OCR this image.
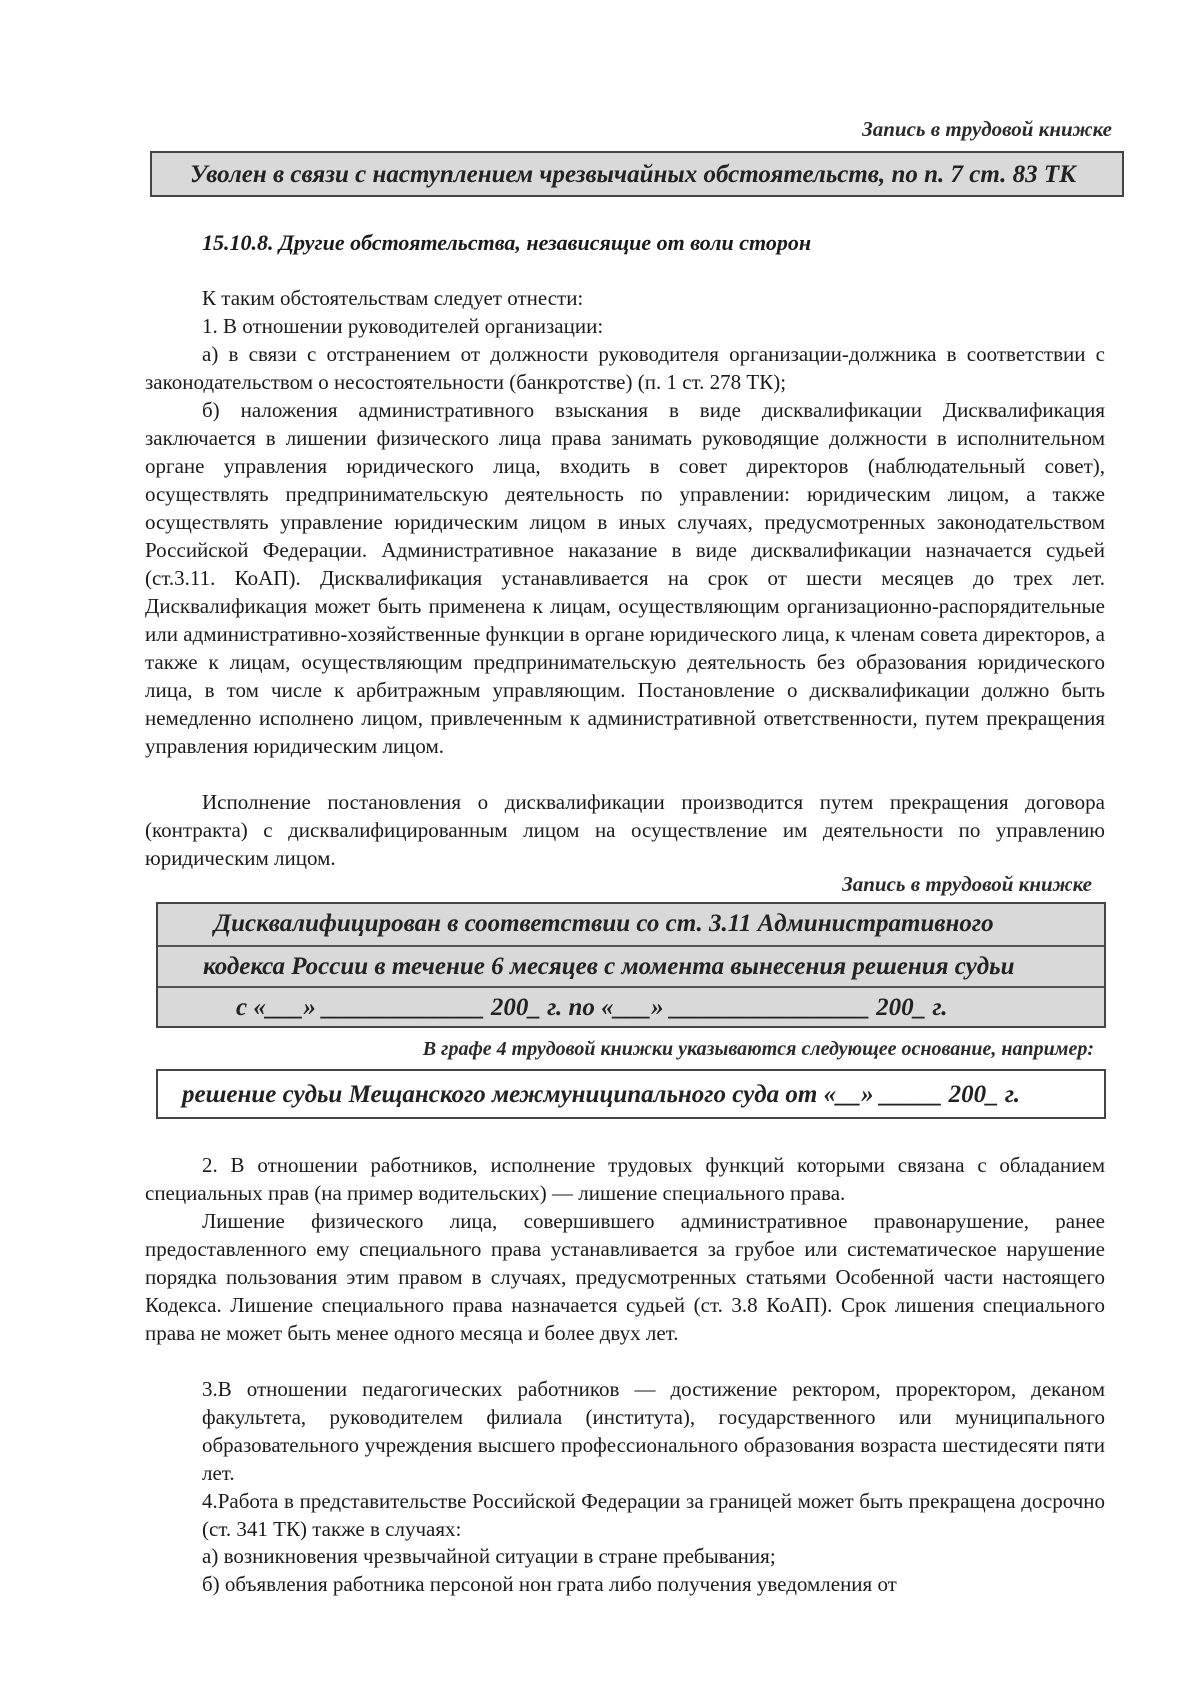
Запись в трудовой книжке
Уволен в связи с наступлением чрезвычайных обстоятельств, по п. 7 ст. 83 ТК
15.10.8. Другие обстоятельства, независящие от воли сторон

К таким обстоятельствам следует отнести:

1. В отношении руководителей организации:

а) в связи с отстранением от должности руководителя организации-должника в соответствии с законодательством о несостоятельности (банкротстве) (п. 1 ст. 278 ТК);

б) наложения административного взыскания в виде дисквалификации Дисквалификация заключается в лишении физического лица права занимать руководящие должности в исполнительном органе управления юридического лица, входить в совет директоров (наблюдательный совет), осуществлять предпринимательскую деятельность по управлении: юридическим лицом, а также осуществлять управление юридическим лицом в иных случаях, предусмотренных законодательством Российской Федерации. Административное наказание в виде дисквалификации назначается судьей (ст.3.11. КоАП). Дисквалификация устанавливается на срок от шести месяцев до трех лет. Дисквалификация может быть применена к лицам, осуществляющим организационно-распорядительные или административно-хозяйственные функции в органе юридического лица, к членам совета директоров, а также к лицам, осуществляющим предпринимательскую деятельность без образования юридического лица, в том числе к арбитражным управляющим. Постановление о дисквалификации должно быть немедленно исполнено лицом, привлеченным к административной ответственности, путем прекращения управления юридическим лицом.

Исполнение постановления о дисквалификации производится путем прекращения договора (контракта) с дисквалифицированным лицом на осуществление им деятельности по управлению юридическим лицом.

Запись в трудовой книжке
Дисквалифицирован в соответствии со ст. 3.11 Административного
кодекса России в течение 6 месяцев с момента вынесения решения судьи
с «___» _____________ 200_ г. по «___» ________________ 200_ г.
В графе 4 трудовой книжки указываются следующее основание, например:
решение судьи Мещанского межмуниципального суда от «__» _____ 200_ г.

2. В отношении работников, исполнение трудовых функций которыми связана с обладанием специальных прав (на пример водительских) — лишение специального права.

Лишение физического лица, совершившего административное правонарушение, ранее предоставленного ему специального права устанавливается за грубое или систематическое нарушение порядка пользования этим правом в случаях, предусмотренных статьями Особенной части настоящего Кодекса. Лишение специального права назначается судьей (ст. 3.8 КоАП). Срок лишения специального права не может быть менее одного месяца и более двух лет.

3.В отношении педагогических работников — достижение ректором, проректором, деканом факультета, руководителем филиала (института), государственного или муниципального образовательного учреждения высшего профессионального образования возраста шестидесяти пяти лет.

4.Работа в представительстве Российской Федерации за границей может быть прекращена досрочно (ст. 341 ТК) также в случаях:

а) возникновения чрезвычайной ситуации в стране пребывания;

б) объявления работника персоной нон грата либо получения уведомления от
